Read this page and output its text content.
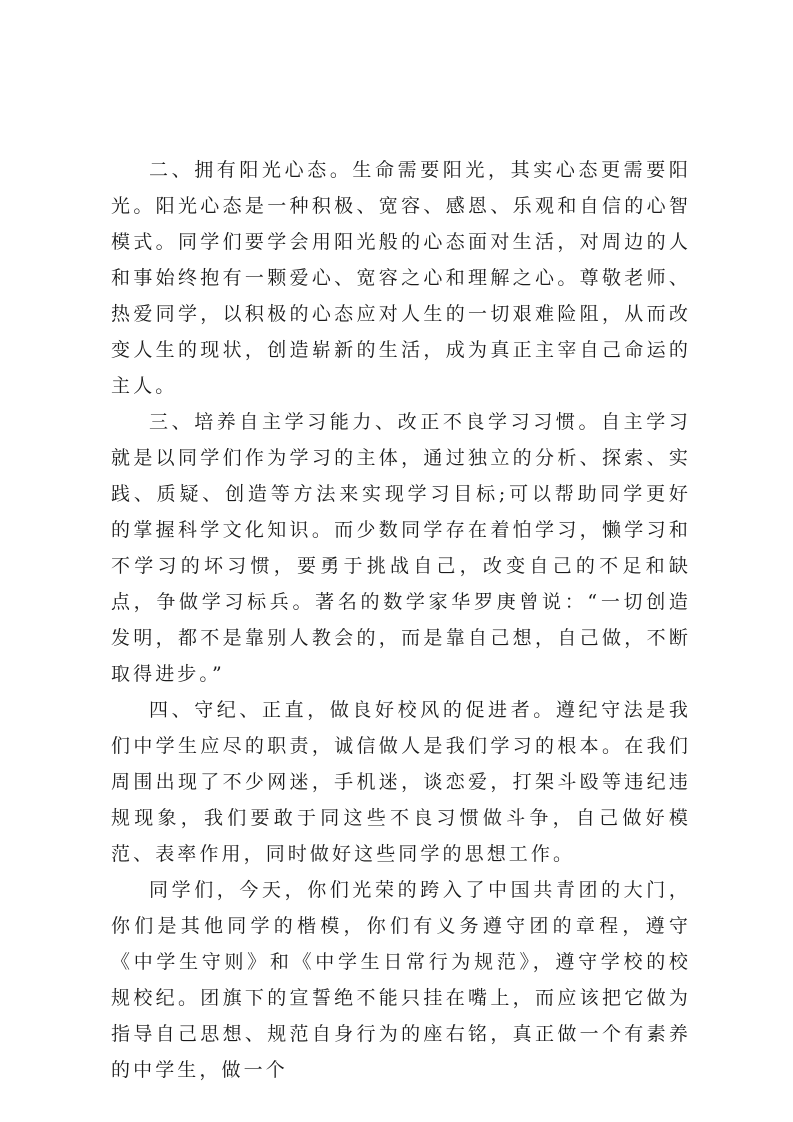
二、拥有阳光心态。生命需要阳光，其实心态更需要阳光。阳光心态是一种积极、宽容、感恩、乐观和自信的心智模式。同学们要学会用阳光般的心态面对生活，对周边的人和事始终抱有一颗爱心、宽容之心和理解之心。尊敬老师、热爱同学，以积极的心态应对人生的一切艰难险阻，从而改变人生的现状，创造崭新的生活，成为真正主宰自己命运的主人。

三、培养自主学习能力、改正不良学习习惯。自主学习就是以同学们作为学习的主体，通过独立的分析、探索、实践、质疑、创造等方法来实现学习目标;可以帮助同学更好的掌握科学文化知识。而少数同学存在着怕学习，懒学习和不学习的坏习惯，要勇于挑战自己，改变自己的不足和缺点，争做学习标兵。著名的数学家华罗庚曾说：“一切创造发明，都不是靠别人教会的，而是靠自己想，自己做，不断取得进步。”

四、守纪、正直，做良好校风的促进者。遵纪守法是我们中学生应尽的职责，诚信做人是我们学习的根本。在我们周围出现了不少网迷，手机迷，谈恋爱，打架斗殴等违纪违规现象，我们要敢于同这些不良习惯做斗争，自己做好模范、表率作用，同时做好这些同学的思想工作。

同学们，今天，你们光荣的跨入了中国共青团的大门，你们是其他同学的楷模，你们有义务遵守团的章程，遵守《中学生守则》和《中学生日常行为规范》，遵守学校的校规校纪。团旗下的宣誓绝不能只挂在嘴上，而应该把它做为指导自己思想、规范自身行为的座右铭，真正做一个有素养的中学生，做一个
